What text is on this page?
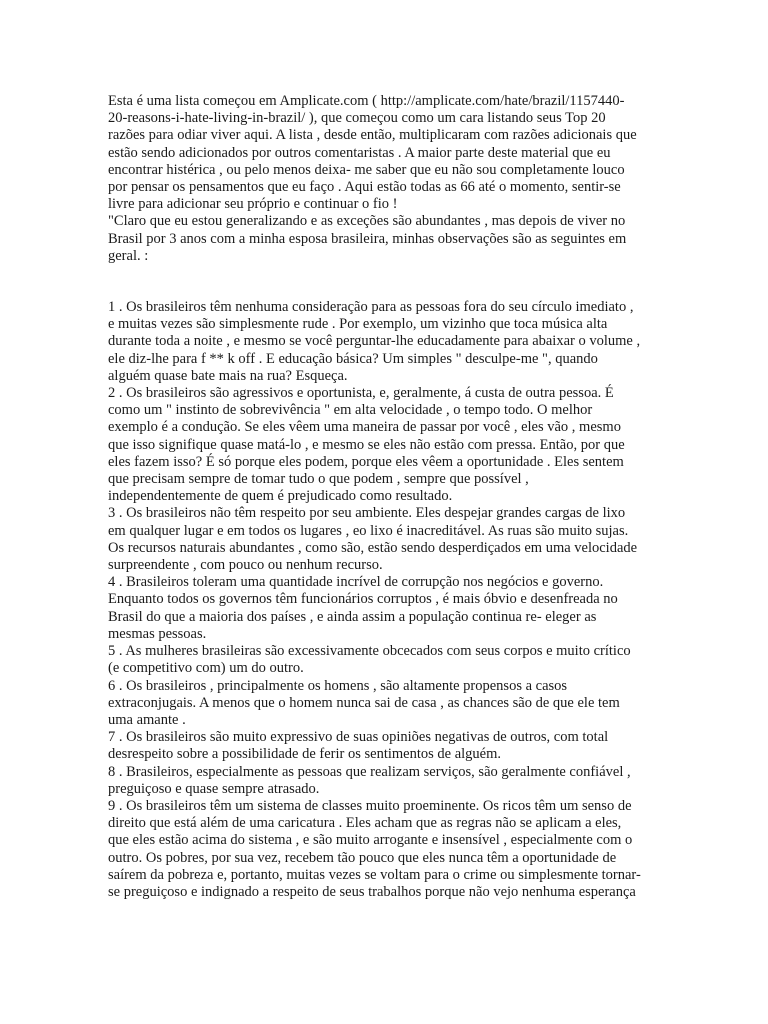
Esta é uma lista começou em Amplicate.com ( http://amplicate.com/hate/brazil/1157440-
20-reasons-i-hate-living-in-brazil/ ), que começou como um cara listando seus Top 20
razões para odiar viver aqui. A lista , desde então, multiplicaram com razões adicionais que
estão sendo adicionados por outros comentaristas . A maior parte deste material que eu
encontrar histérica , ou pelo menos deixa- me saber que eu não sou completamente louco
por pensar os pensamentos que eu faço . Aqui estão todas as 66 até o momento, sentir-se
livre para adicionar seu próprio e continuar o fio !
"Claro que eu estou generalizando e as exceções são abundantes , mas depois de viver no
Brasil por 3 anos com a minha esposa brasileira, minhas observações são as seguintes em
geral. :
1 . Os brasileiros têm nenhuma consideração para as pessoas fora do seu círculo imediato ,
e muitas vezes são simplesmente rude . Por exemplo, um vizinho que toca música alta
durante toda a noite , e mesmo se você perguntar-lhe educadamente para abaixar o volume ,
ele diz-lhe para f ** k off . E educação básica? Um simples " desculpe-me ", quando
alguém quase bate mais na rua? Esqueça.
2 . Os brasileiros são agressivos e oportunista, e, geralmente, á custa de outra pessoa. É
como um " instinto de sobrevivência " em alta velocidade , o tempo todo. O melhor
exemplo é a condução. Se eles vêem uma maneira de passar por você , eles vão , mesmo
que isso signifique quase matá-lo , e mesmo se eles não estão com pressa. Então, por que
eles fazem isso? É só porque eles podem, porque eles vêem a oportunidade . Eles sentem
que precisam sempre de tomar tudo o que podem , sempre que possível ,
independentemente de quem é prejudicado como resultado.
3 . Os brasileiros não têm respeito por seu ambiente. Eles despejar grandes cargas de lixo
em qualquer lugar e em todos os lugares , eo lixo é inacreditável. As ruas são muito sujas.
Os recursos naturais abundantes , como são, estão sendo desperdiçados em uma velocidade
surpreendente , com pouco ou nenhum recurso.
4 . Brasileiros toleram uma quantidade incrível de corrupção nos negócios e governo.
Enquanto todos os governos têm funcionários corruptos , é mais óbvio e desenfreada no
Brasil do que a maioria dos países , e ainda assim a população continua re- eleger as
mesmas pessoas.
5 . As mulheres brasileiras são excessivamente obcecados com seus corpos e muito crítico
(e competitivo com) um do outro.
6 . Os brasileiros , principalmente os homens , são altamente propensos a casos
extraconjugais. A menos que o homem nunca sai de casa , as chances são de que ele tem
uma amante .
7 . Os brasileiros são muito expressivo de suas opiniões negativas de outros, com total
desrespeito sobre a possibilidade de ferir os sentimentos de alguém.
8 . Brasileiros, especialmente as pessoas que realizam serviços, são geralmente confiável ,
preguiçoso e quase sempre atrasado.
9 . Os brasileiros têm um sistema de classes muito proeminente. Os ricos têm um senso de
direito que está além de uma caricatura . Eles acham que as regras não se aplicam a eles,
que eles estão acima do sistema , e são muito arrogante e insensível , especialmente com o
outro. Os pobres, por sua vez, recebem tão pouco que eles nunca têm a oportunidade de
saírem da pobreza e, portanto, muitas vezes se voltam para o crime ou simplesmente tornar-
se preguiçoso e indignado a respeito de seus trabalhos porque não vejo nenhuma esperança
